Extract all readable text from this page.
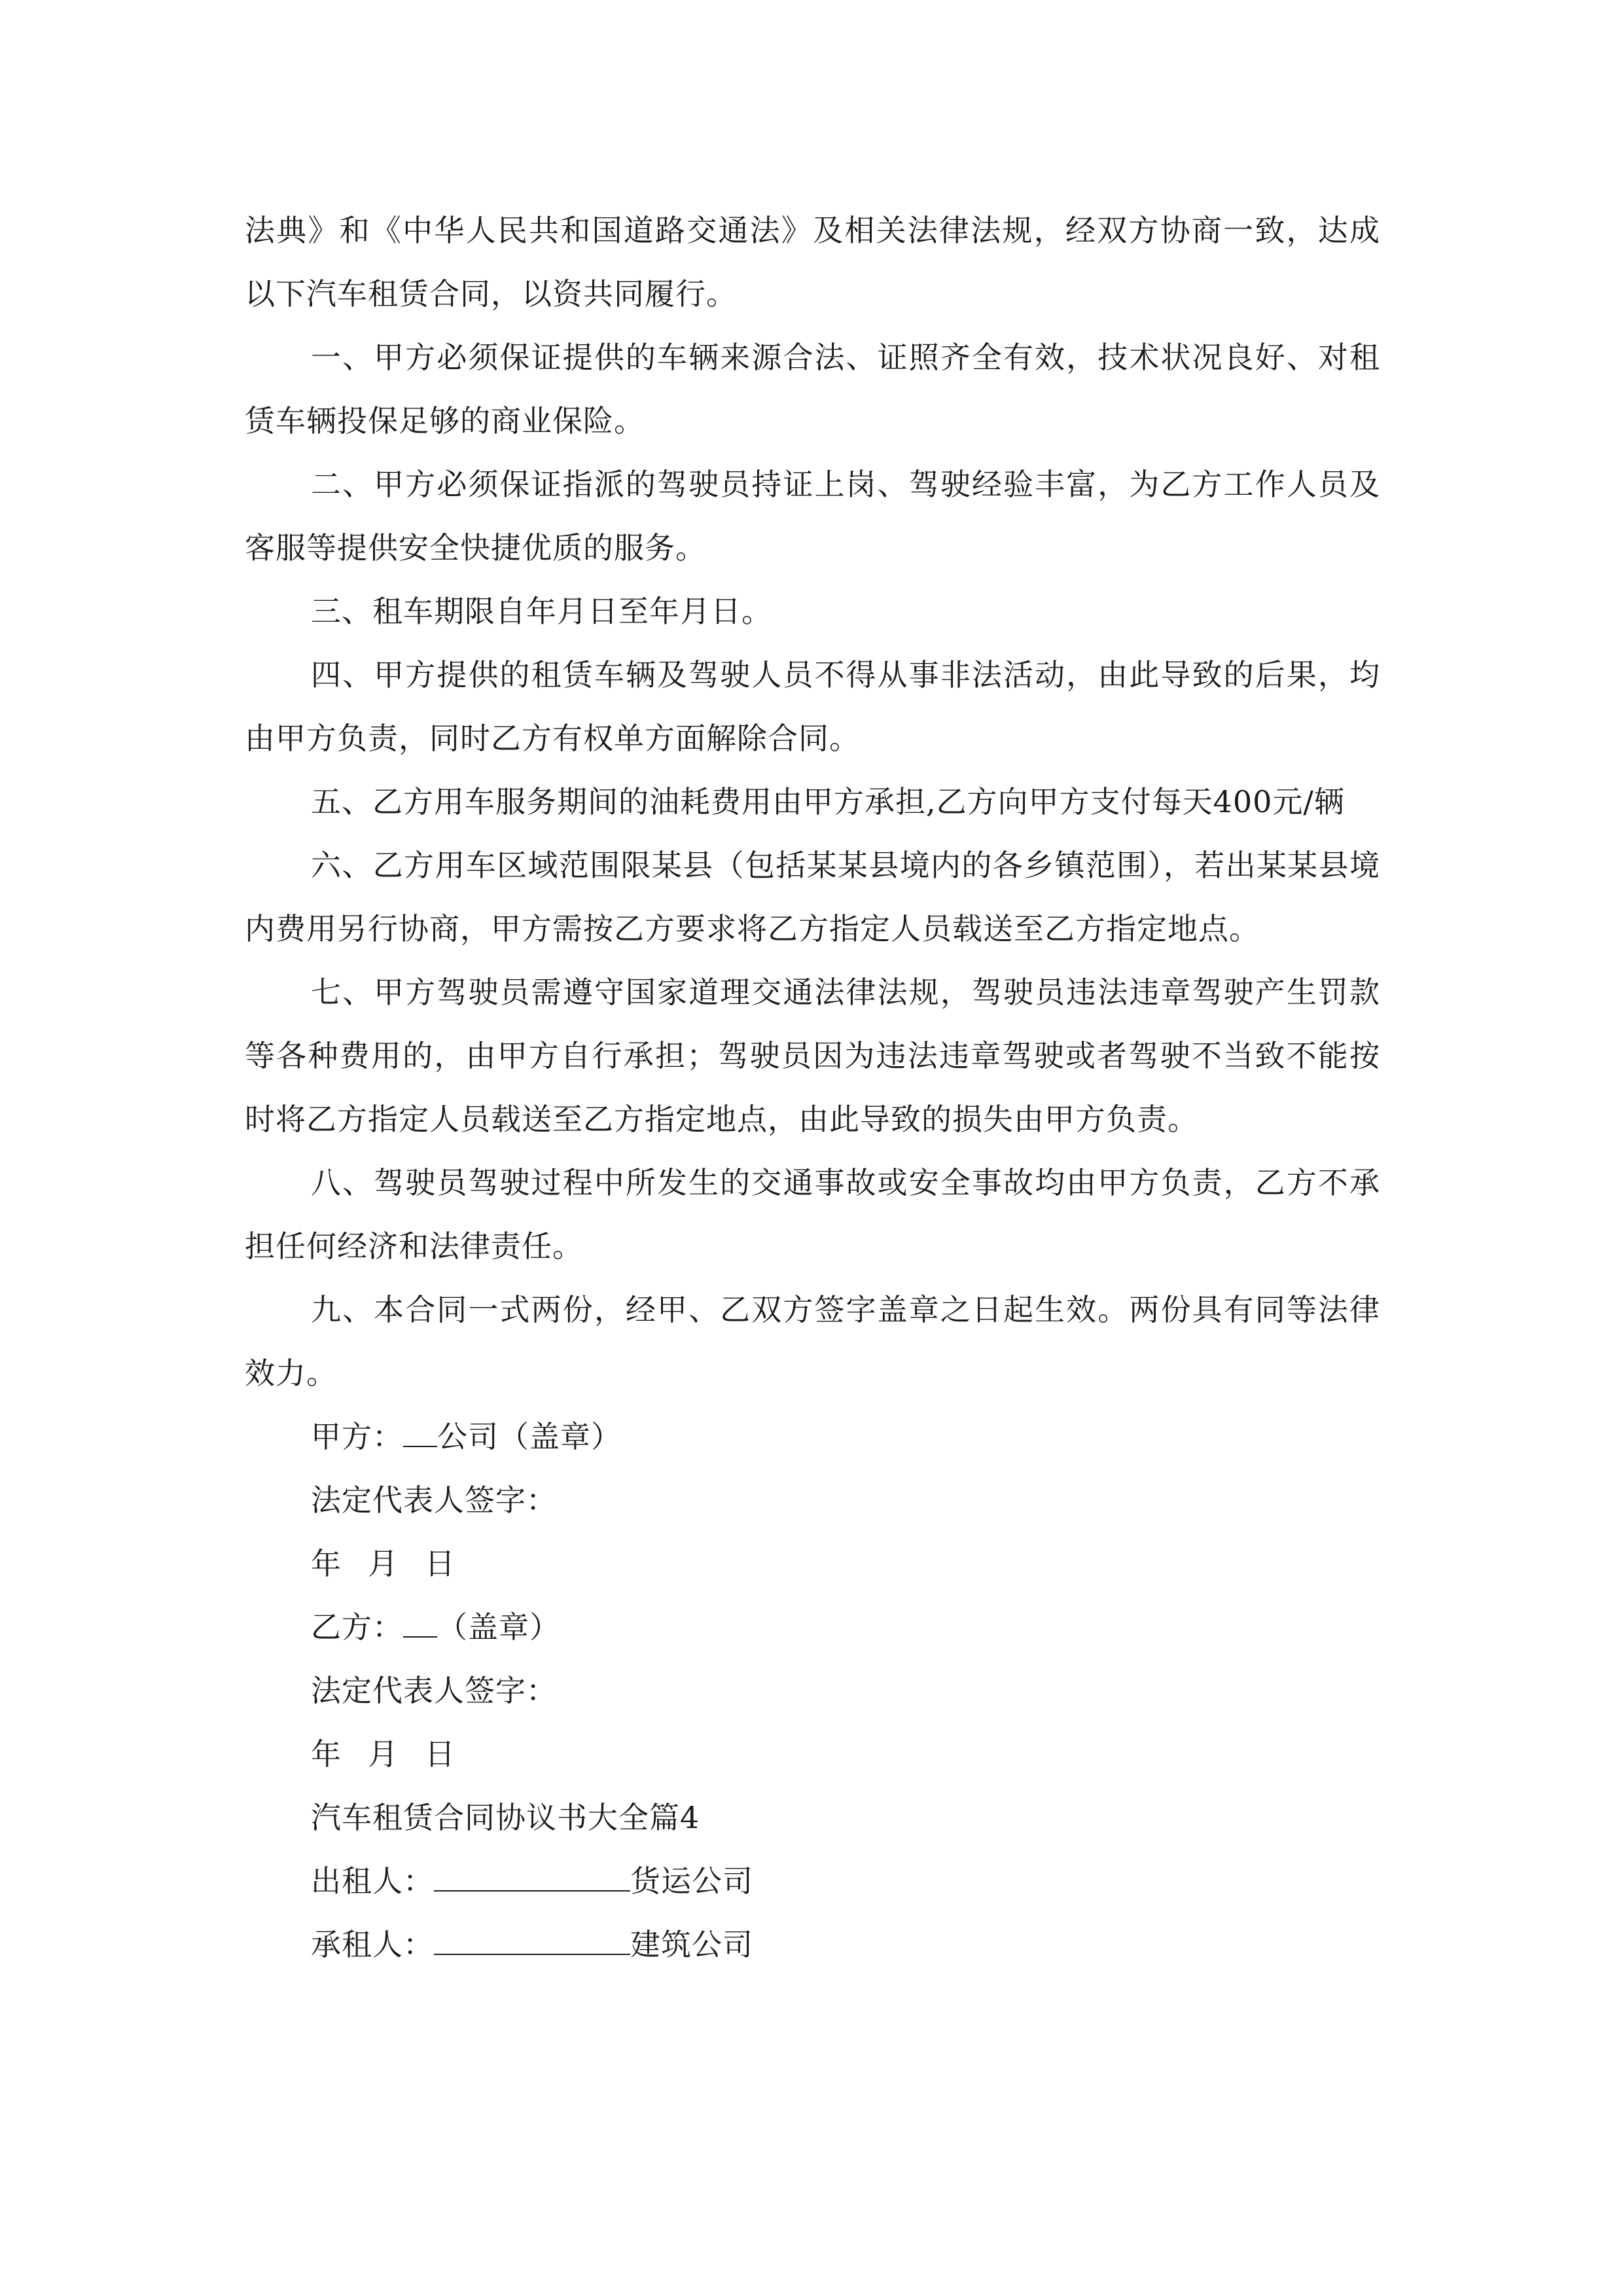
法典》和《中华人民共和国道路交通法》及相关法律法规，经双方协商一致，达成以下汽车租赁合同，以资共同履行。

一、甲方必须保证提供的车辆来源合法、证照齐全有效，技术状况良好、对租赁车辆投保足够的商业保险。

二、甲方必须保证指派的驾驶员持证上岗、驾驶经验丰富，为乙方工作人员及客服等提供安全快捷优质的服务。

三、租车期限自年月日至年月日。

四、甲方提供的租赁车辆及驾驶人员不得从事非法活动，由此导致的后果，均由甲方负责，同时乙方有权单方面解除合同。

五、乙方用车服务期间的油耗费用由甲方承担,乙方向甲方支付每天400元/辆

六、乙方用车区域范围限某县（包括某某县境内的各乡镇范围），若出某某县境内费用另行协商，甲方需按乙方要求将乙方指定人员载送至乙方指定地点。

七、甲方驾驶员需遵守国家道理交通法律法规，驾驶员违法违章驾驶产生罚款等各种费用的，由甲方自行承担；驾驶员因为违法违章驾驶或者驾驶不当致不能按时将乙方指定人员载送至乙方指定地点，由此导致的损失由甲方负责。

八、驾驶员驾驶过程中所发生的交通事故或安全事故均由甲方负责，乙方不承担任何经济和法律责任。

九、本合同一式两份，经甲、乙双方签字盖章之日起生效。两份具有同等法律效力。

甲方： 公司（盖章）

法定代表人签字：

年 月 日

乙方： （盖章）

法定代表人签字：

年 月 日

汽车租赁合同协议书大全篇4

出租人：	货运公司

承租人：	建筑公司
